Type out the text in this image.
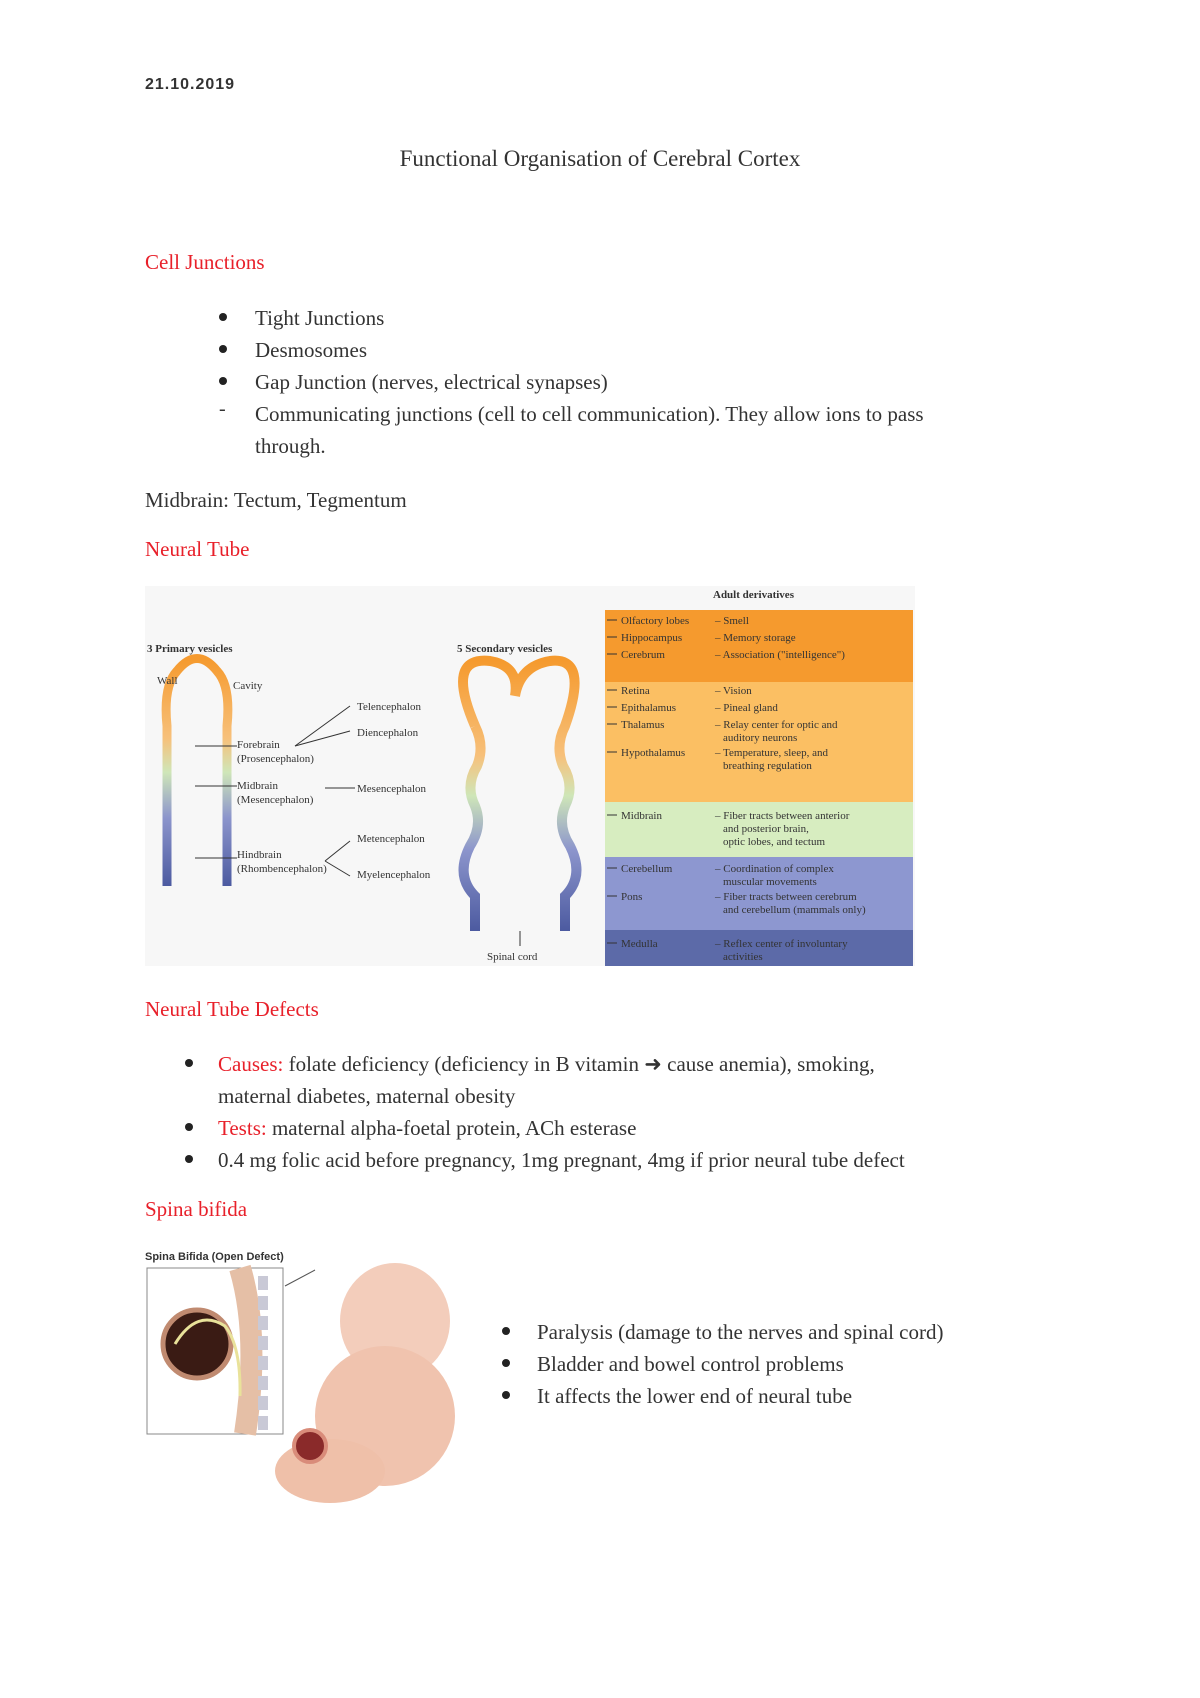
21.10.2019
Functional Organisation of Cerebral Cortex
Cell Junctions
Tight Junctions
Desmosomes
Gap Junction (nerves, electrical synapses)
- Communicating junctions (cell to cell communication). They allow ions to pass
through.
Midbrain: Tectum, Tegmentum
Neural Tube
3 Primary vesicles
Wall	Cavity
Forebrain
(Prosencephalon)
Midbrain
(Mesencephalon)
Hindbrain
(Rhombencephalon)
Telencephalon
Diencephalon
Mesencephalon
Metencephalon
Myelencephalon
5 Secondary vesicles
Spinal cord
Adult derivatives
Olfactory lobes – Smell
Hippocampus	– Memory storage
Cerebrum	– Association ("intelligence")
Retina	– Vision
Epithalamus	– Pineal gland
Thalamus	– Relay center for optic and
auditory neurons
Hypothalamus	– Temperature, sleep, and
breathing regulation
Midbrain	– Fiber tracts between anterior
and posterior brain,
optic lobes, and tectum
Cerebellum	– Coordination of complex
muscular movements
Pons	– Fiber tracts between cerebrum
and cerebellum (mammals only)
Medulla	– Reflex center of involuntary
activities
Neural Tube Defects
Causes: folate deficiency (deficiency in B vitamin ➜ cause anemia), smoking,
maternal diabetes, maternal obesity
Tests: maternal alpha-foetal protein, ACh esterase
0.4 mg folic acid before pregnancy, 1mg pregnant, 4mg if prior neural tube defect
Spina bifida
Spina Bifida (Open Defect)
Paralysis (damage to the nerves and spinal cord)
Bladder and bowel control problems
It affects the lower end of neural tube
